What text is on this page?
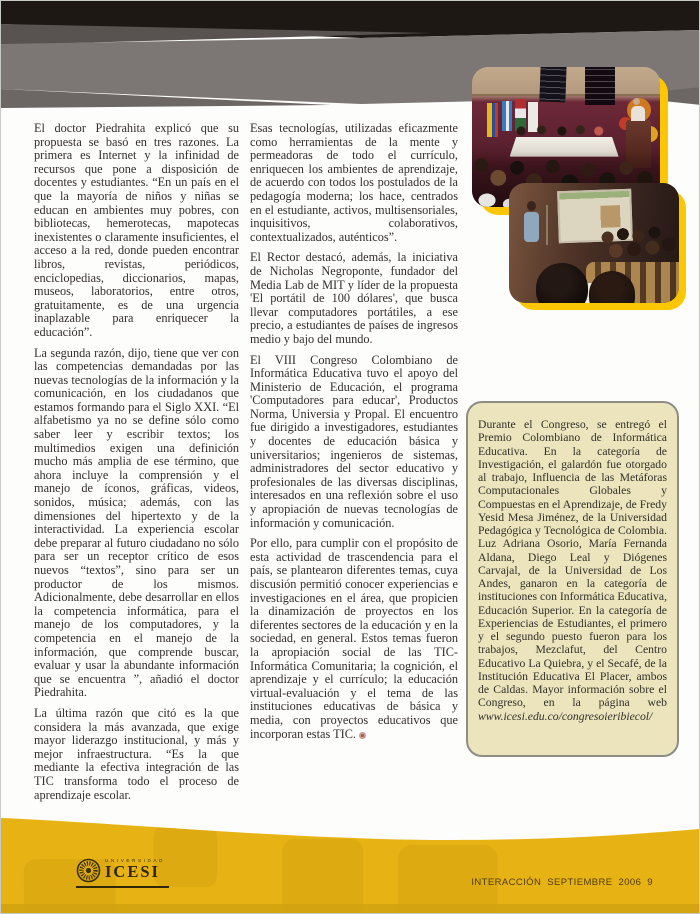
El doctor Piedrahita explicó que su propuesta se basó en tres razones. La primera es Internet y la infinidad de recursos que pone a disposición de docentes y estudiantes. “En un país en el que la mayoría de niños y niñas se educan en ambientes muy pobres, con bibliotecas, hemerotecas, mapotecas inexistentes o claramente insuficientes, el acceso a la red, donde pueden encontrar libros, revistas, periódicos, enciclopedias, diccionarios, mapas, museos, laboratorios, entre otros, gratuitamente, es de una urgencia inaplazable para enriquecer la educación”.

La segunda razón, dijo, tiene que ver con las competencias demandadas por las nuevas tecnologías de la información y la comunicación, en los ciudadanos que estamos formando para el Siglo XXI. “El alfabetismo ya no se define sólo como saber leer y escribir textos; los multimedios exigen una definición mucho más amplia de ese término, que ahora incluye la comprensión y el manejo de íconos, gráficas, videos, sonidos, música; además, con las dimensiones del hipertexto y de la interactividad. La experiencia escolar debe preparar al futuro ciudadano no sólo para ser un receptor crítico de esos nuevos “textos”, sino para ser un productor de los mismos. Adicionalmente, debe desarrollar en ellos la competencia informática, para el manejo de los computadores, y la competencia en el manejo de la información, que comprende buscar, evaluar y usar la abundante información que se encuentra ”, añadió el doctor Piedrahita.

La última razón que citó es la que considera la más avanzada, que exige mayor liderazgo institucional, y más y mejor infraestructura. “Es la que mediante la efectiva integración de las TIC transforma todo el proceso de aprendizaje escolar.

Esas tecnologías, utilizadas eficazmente como herramientas de la mente y permeadoras de todo el currículo, enriquecen los ambientes de aprendizaje, de acuerdo con todos los postulados de la pedagogía moderna; los hace, centrados en el estudiante, activos, multisensoriales, inquisitivos, colaborativos, contextualizados, auténticos”.

El Rector destacó, además, la iniciativa de Nicholas Negroponte, fundador del Media Lab de MIT y líder de la propuesta 'El portátil de 100 dólares', que busca llevar computadores portátiles, a ese precio, a estudiantes de países de ingresos medio y bajo del mundo.

El VIII Congreso Colombiano de Informática Educativa tuvo el apoyo del Ministerio de Educación, el programa 'Computadores para educar', Productos Norma, Universia y Propal. El encuentro fue dirigido a investigadores, estudiantes y docentes de educación básica y universitarios; ingenieros de sistemas, administradores del sector educativo y profesionales de las diversas disciplinas, interesados en una reflexión sobre el uso y apropiación de nuevas tecnologías de información y comunicación.

Por ello, para cumplir con el propósito de esta actividad de trascendencia para el país, se plantearon diferentes temas, cuya discusión permitió conocer experiencias e investigaciones en el área, que propicien la dinamización de proyectos en los diferentes sectores de la educación y en la sociedad, en general. Estos temas fueron la apropiación social de las TIC- Informática Comunitaria; la cognición, el aprendizaje y el currículo; la educación virtual-evaluación y el tema de las instituciones educativas de básica y media, con proyectos educativos que incorporan estas TIC.

Durante el Congreso, se entregó el Premio Colombiano de Informática Educativa. En la categoría de Investigación, el galardón fue otorgado al trabajo, Influencia de las Metáforas Computacionales Globales y Compuestas en el Aprendizaje, de Fredy Yesid Mesa Jiménez, de la Universidad Pedagógica y Tecnológica de Colombia. Luz Adriana Osorio, María Fernanda Aldana, Diego Leal y Diógenes Carvajal, de la Universidad de Los Andes, ganaron en la categoría de instituciones con Informática Educativa, Educación Superior. En la categoría de Experiencias de Estudiantes, el primero y el segundo puesto fueron para los trabajos, Mezclafut, del Centro Educativo La Quiebra, y el Secafé, de la Institución Educativa El Placer, ambos de Caldas. Mayor información sobre el Congreso, en la página web www.icesi.edu.co/congresoieribiecol/

UNIVERSIDAD
ICESI
INTERACCIÓN SEPTIEMBRE 2006 9
